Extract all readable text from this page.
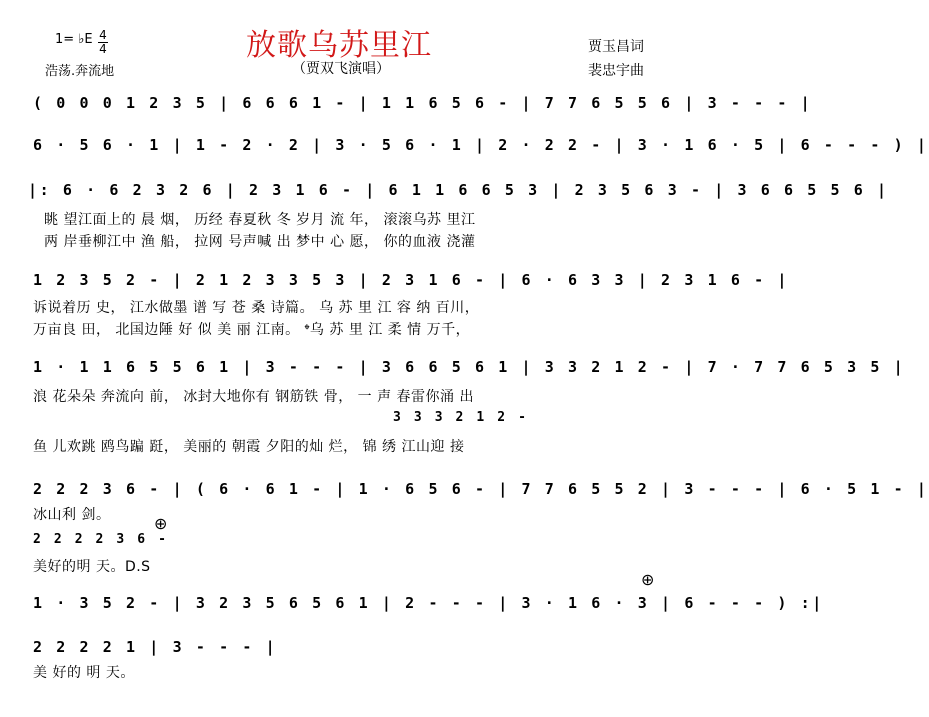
放歌乌苏里江
（贾双飞演唱）
1= ♭E 4
4
浩荡.奔流地
贾玉昌词
裴忠宇曲
( 0 0 0 1 2 3 5 | 6 6 6 1 - | 1 1 6 5 6 - | 7 7 6 5 5 6 | 3 - - - |
6 · 5 6 · 1 | 1 - 2 · 2 | 3 · 5 6 · 1 | 2 · 2 2 - | 3 · 1 6 · 5 | 6 - - - ) |
|: 6 · 6 2 3 2 6 | 2 3 1 6 - | 6 1 1 6 6 5 3 | 2 3 5 6 3 - | 3 6 6 5 5 6 |
眺 望江面上的 晨 烟， 历经 春夏秋 冬 岁月 流 年， 滚滚乌苏 里江
两 岸垂柳江中 渔 船， 拉网 号声喊 出 梦中 心 愿， 你的血液 浇灌
1 2 3 5 2 - | 2 1 2 3 3 5 3 | 2 3 1 6 - | 6 · 6 3 3 | 2 3 1 6 - |
诉说着历 史， 江水做墨 谱 写 苍 桑 诗篇。 乌 苏 里 江 容 纳 百川，
万亩良 田， 北国边陲 好 似 美 丽 江南。 𝄌乌 苏 里 江 柔 情 万千，
1 · 1 1 6 5 5 6 1 | 3 - - - | 3 6 6 5 6 1 | 3 3 2 1 2 - | 7 · 7 7 6 5 3 5 |
浪 花朵朵 奔流向 前， 冰封大地你有 钢筋铁 骨， 一 声 春雷你涌 出
3 3 3 2 1 2 -
鱼 儿欢跳 鸥鸟蹁 跹， 美丽的 朝霞 夕阳的灿 烂， 锦 绣 江山迎 接
2 2 2 3 6 - | ( 6 · 6 1 - | 1 · 6 5 6 - | 7 7 6 5 5 2 | 3 - - - | 6 · 5 1 - |
冰山利 剑。	⊕
2 2 2 2 3 6 -
美好的明 天。D.S
⊕
1 · 3 5 2 - | 3 2 3 5 6 5 6 1 | 2 - - - | 3 · 1 6 · 3 | 6 - - - ) :|
2 2 2 2 1 | 3 - - - |
美 好的 明 天。
